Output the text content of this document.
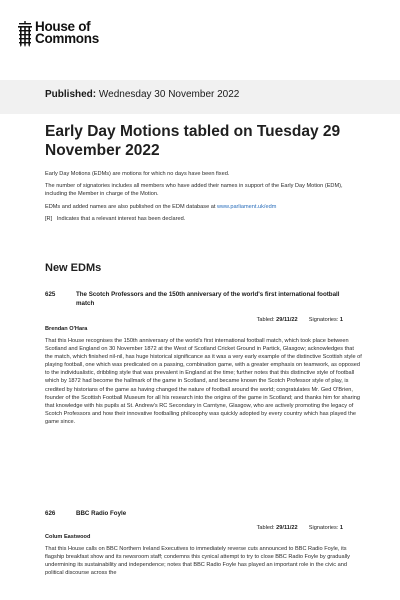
House of
Commons
Published: Wednesday 30 November 2022
Early Day Motions tabled on Tuesday 29 November 2022

Early Day Motions (EDMs) are motions for which no days have been fixed.

The number of signatories includes all members who have added their names in support of the Early Day Motion (EDM), including the Member in charge of the Motion.

EDMs and added names are also published on the EDM database at www.parliament.uk/edm

[R]   Indicates that a relevant interest has been declared.

New EDMs
625	The Scotch Professors and the 150th anniversary of the world's first international football match
Tabled: 29/11/22 Signatories: 1
Brendan O'Hara

That this House recognises the 150th anniversary of the world's first international football match, which took place between Scotland and England on 30 November 1872 at the West of Scotland Cricket Ground in Partick, Glasgow; acknowledges that the match, which finished nil-nil, has huge historical significance as it was a very early example of the distinctive Scottish style of playing football, one which was predicated on a passing, combination game, with a greater emphasis on teamwork, as opposed to the individualistic, dribbling style that was prevalent in England at the time; further notes that this distinctive style of football which by 1872 had become the hallmark of the game in Scotland, and became known the Scotch Professor style of play, is credited by historians of the game as having changed the nature of football around the world; congratulates Mr. Ged O'Brien, founder of the Scottish Football Museum for all his research into the origins of the game in Scotland; and thanks him for sharing that knowledge with his pupils at St. Andrew's RC Secondary in Carntyne, Glasgow, who are actively promoting the legacy of Scotch Professors and how their innovative footballing philosophy was quickly adopted by every country which has played the game since.

626	BBC Radio Foyle
Tabled: 29/11/22 Signatories: 1
Colum Eastwood

That this House calls on BBC Northern Ireland Executives to immediately reverse cuts announced to BBC Radio Foyle, its flagship breakfast show and its newsroom staff; condemns this cynical attempt to try to close BBC Radio Foyle by gradually undermining its sustainability and independence; notes that BBC Radio Foyle has played an important role in the civic and political discourse across the
